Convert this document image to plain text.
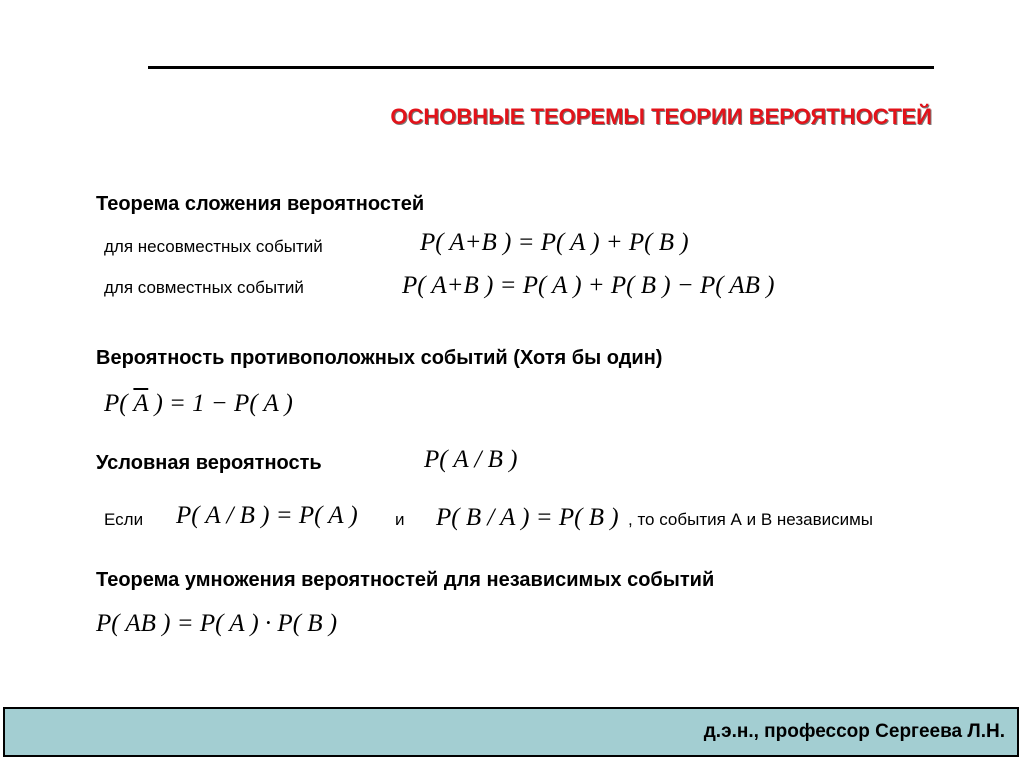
ОСНОВНЫЕ ТЕОРЕМЫ ТЕОРИИ ВЕРОЯТНОСТЕЙ
Теорема сложения вероятностей
для несовместных событий	P( A+B ) = P( A ) + P( B )
для совместных событий	P( A+B ) = P( A ) + P( B ) − P( AB )
Вероятность противоположных событий (Хотя бы один)
P( $\overline{A}$ ) = 1 − P( A )
Условная вероятность	P( A / B )
Если P( A / B ) = P( A ) и P( B / A ) = P( B ) , то события А и В независимы
Теорема умножения вероятностей для независимых событий
P( AB ) = P( A ) · P( B )
д.э.н., профессор Сергеева Л.Н.
